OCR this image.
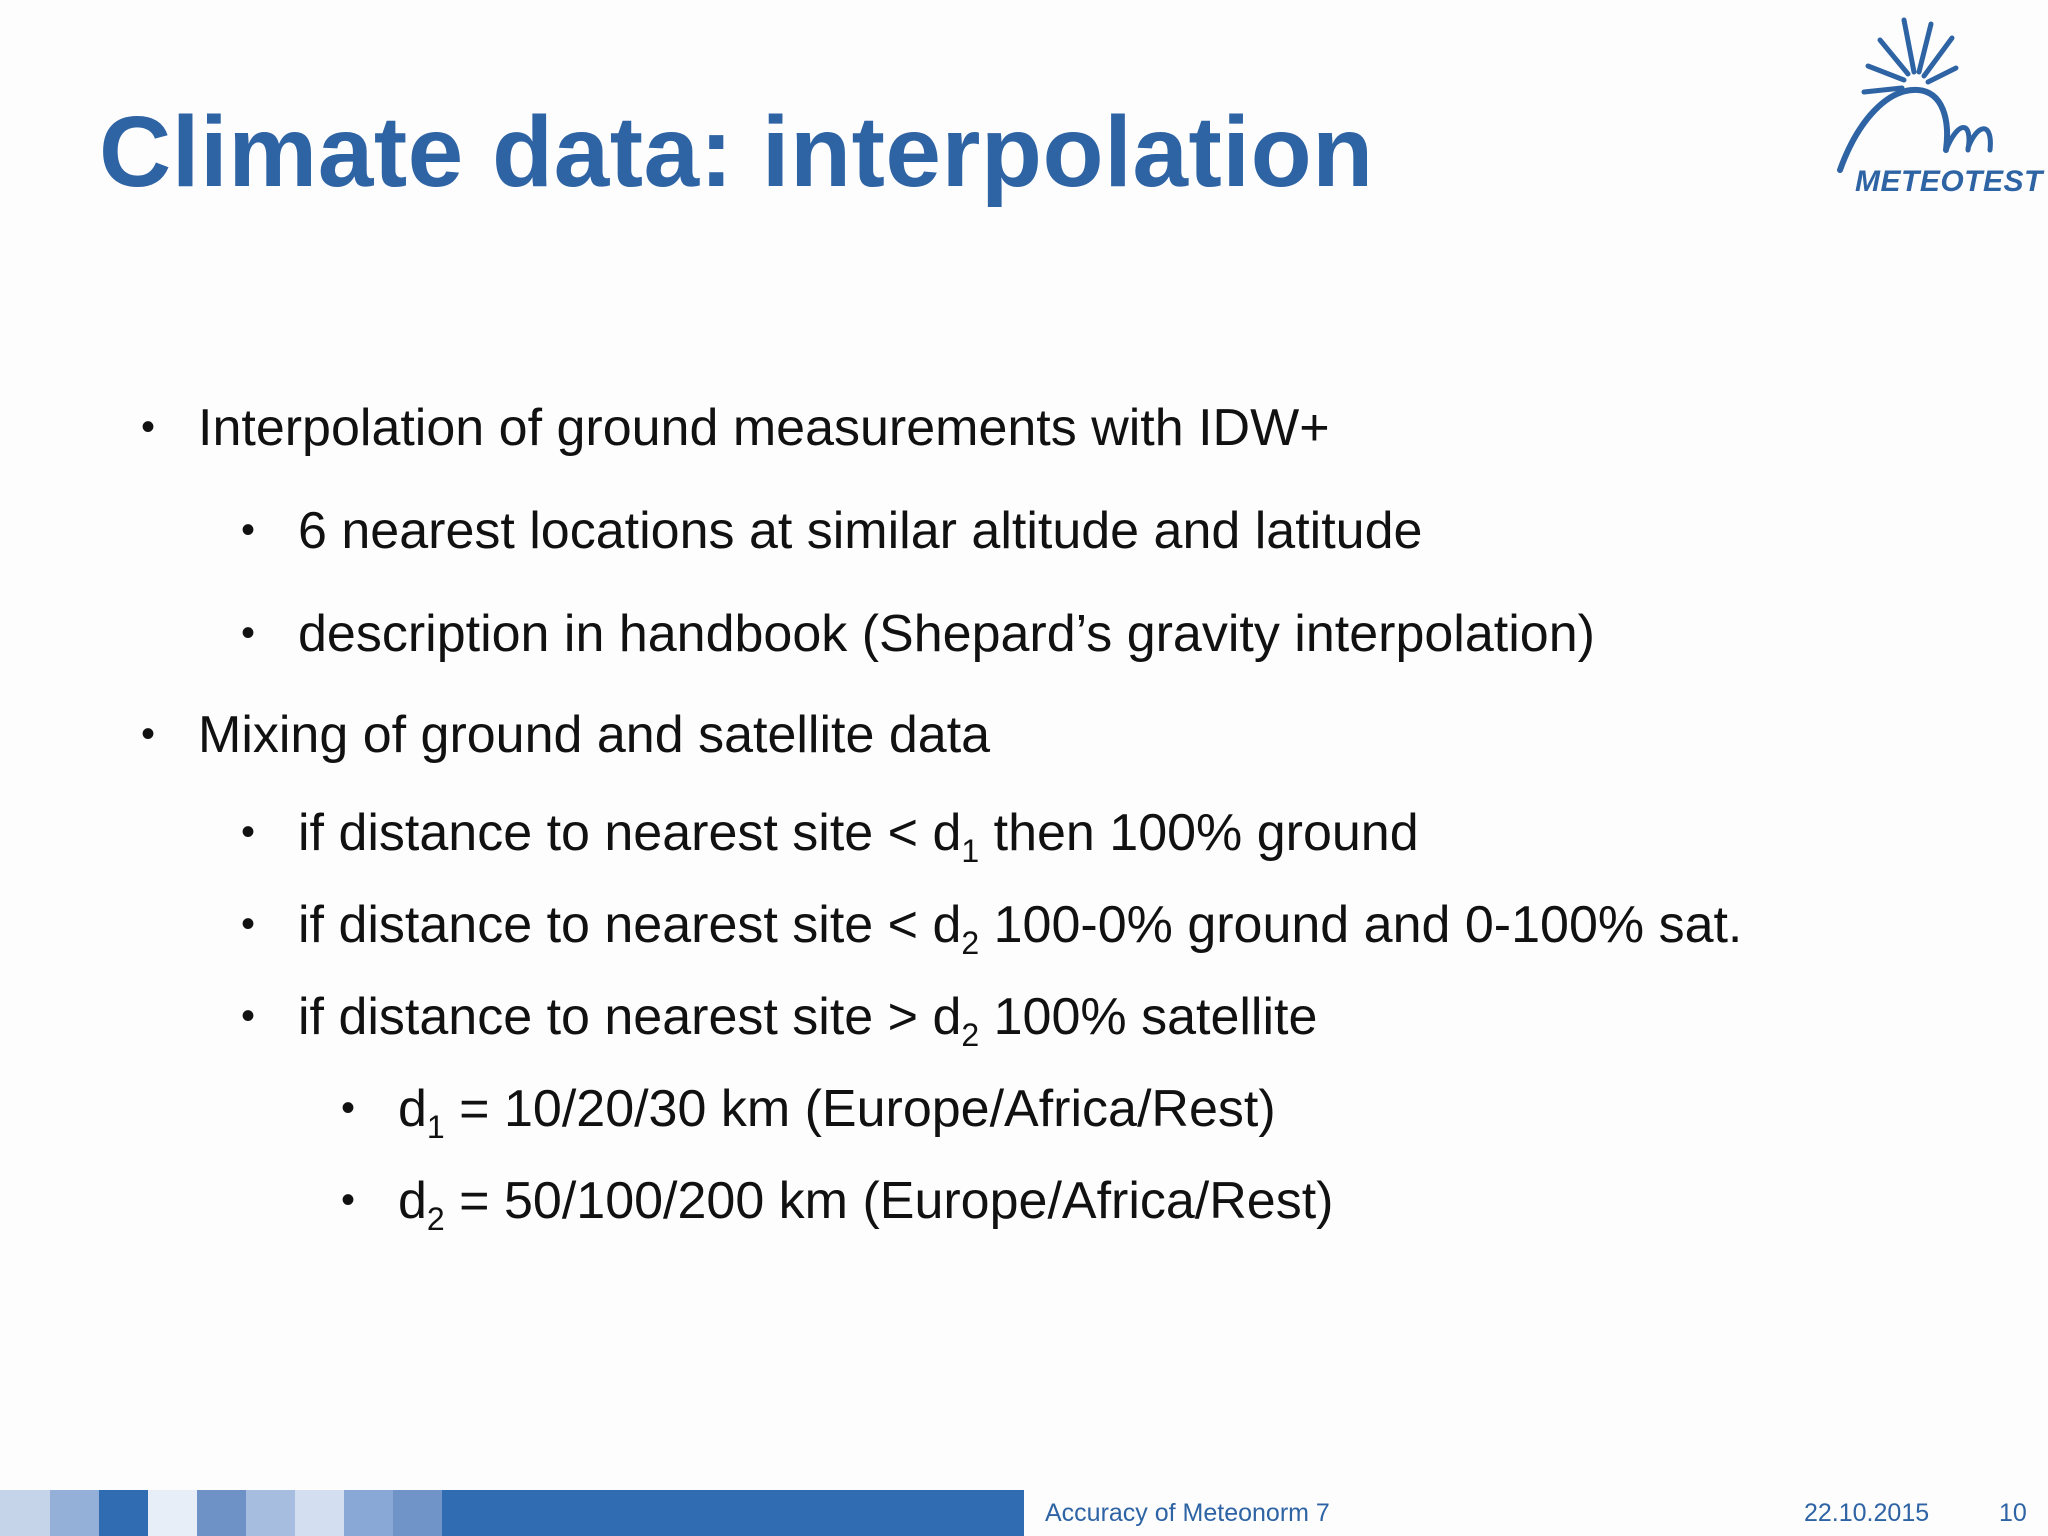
Climate data: interpolation	METEOTEST
• Interpolation of ground measurements with IDW+
• 6 nearest locations at similar altitude and latitude
• description in handbook (Shepard’s gravity interpolation)
• Mixing of ground and satellite data
• if distance to nearest site < $d_1$ then 100% ground
• if distance to nearest site < $d_2$ 100-0% ground and 0-100% sat.
• if distance to nearest site > $d_2$ 100% satellite
• $d_1 = 10/20/30$ km (Europe/Africa/Rest)
• $d_2 = 50/100/200$ km (Europe/Africa/Rest)
Accuracy of Meteonorm 7	22.10.2015	10
